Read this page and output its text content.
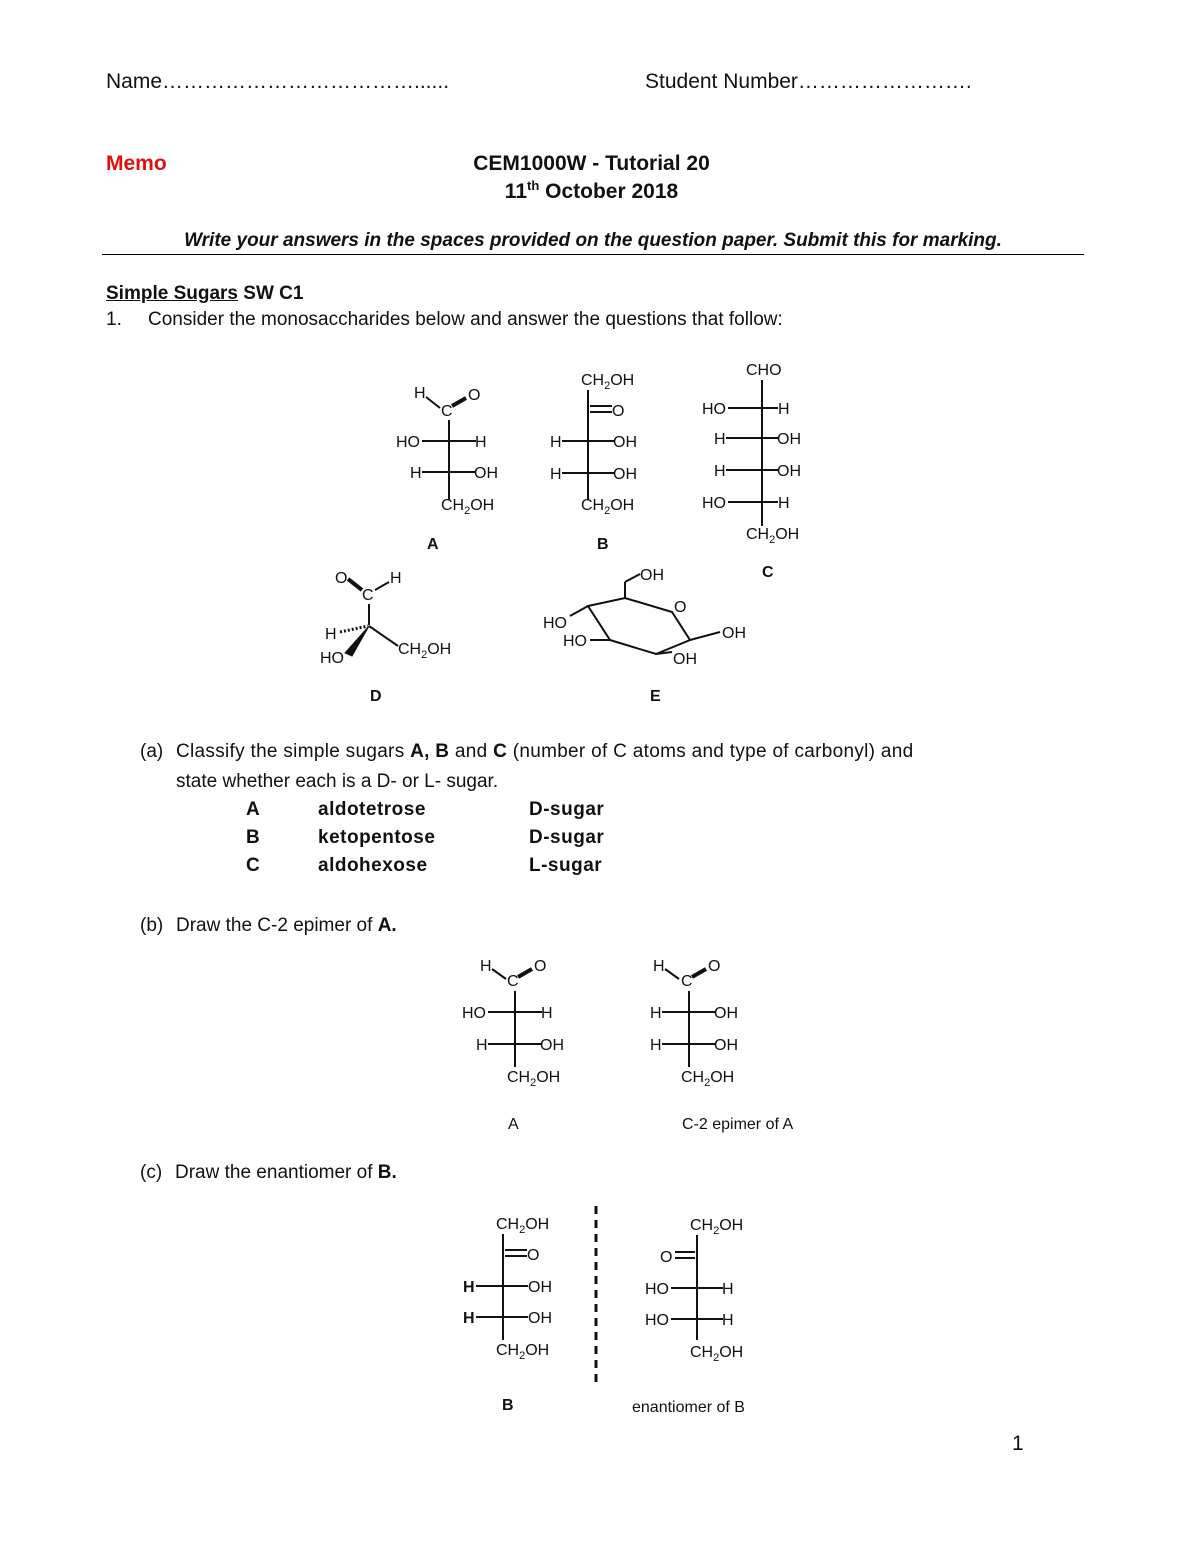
Name………………………………......	Student Number…………………….
Memo	CEM1000W - Tutorial 20
11th October 2018
Write your answers in the spaces provided on the question paper. Submit this for marking.
Simple Sugars SW C1
1. Consider the monosaccharides below and answer the questions that follow:
H
C
O
HO	H
H	OH
$CH_2OH$
A
$CH_2OH$
O
H	OH
H	OH
$CH_2OH$
B
CHO
HO	H
H	OH
H	OH
HO	H
$CH_2OH$
C
O
C
H
H
HO
$CH_2OH$
D
OH
O
HO
HO	OH
OH
E
(a) Classify the simple sugars A, B and C (number of C atoms and type of carbonyl) and
state whether each is a D- or L- sugar.
A	aldotetrose	D-sugar
B	ketopentose	D-sugar
C	aldohexose	L-sugar
(b) Draw the C-2 epimer of A.
H
C
O
HO	H
H	OH
$CH_2OH$
A
H
C
O
H	OH
H	OH
$CH_2OH$
C-2 epimer of A
(c) Draw the enantiomer of B.
$CH_2OH$
O
H	OH
H	OH
$CH_2OH$
B
$CH_2OH$
O
HO	H
HO	H
$CH_2OH$
enantiomer of B
1
